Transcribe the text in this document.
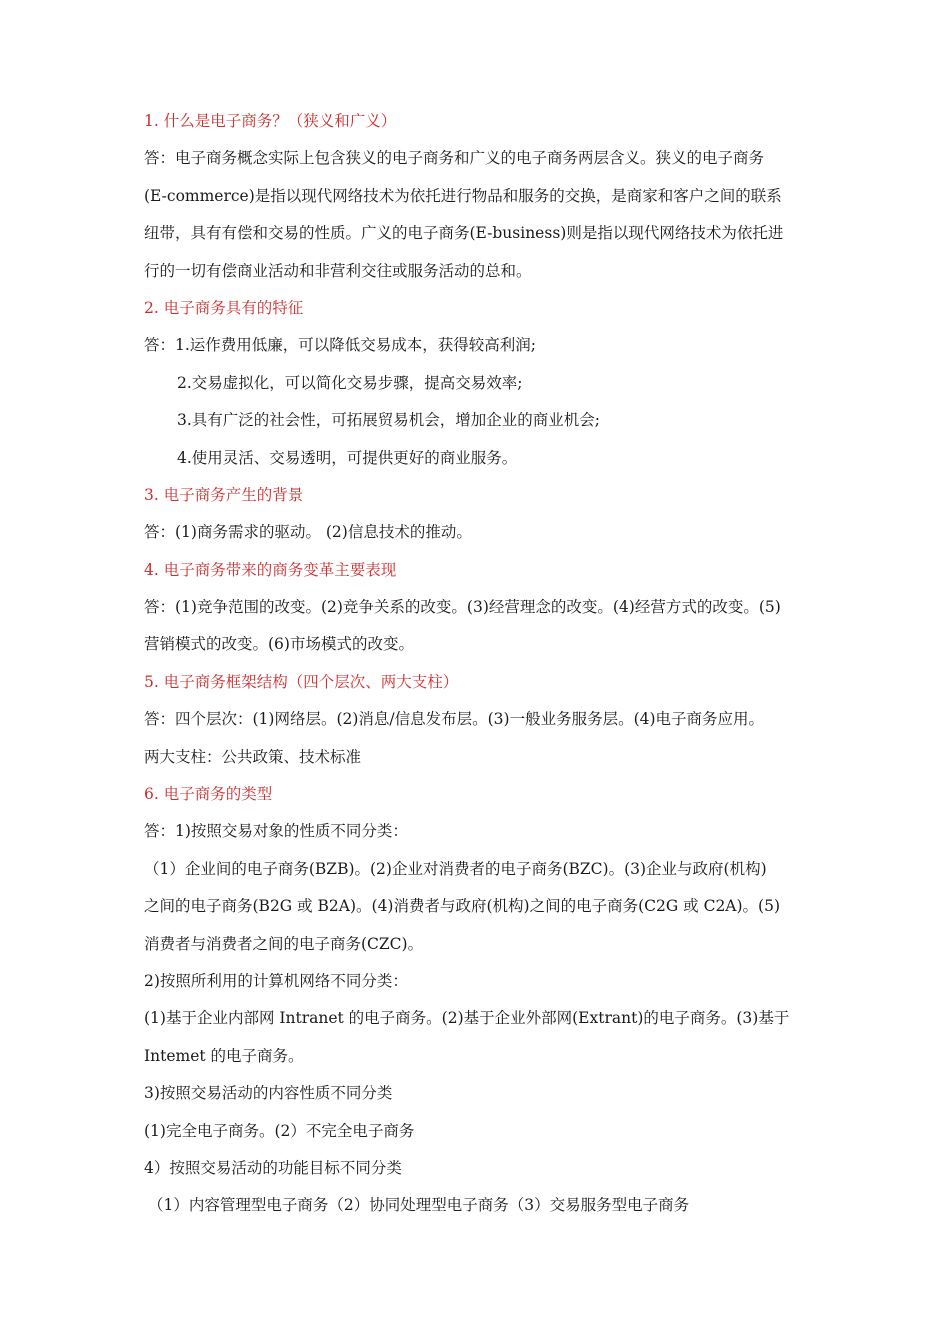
1. 什么是电子商务？（狭义和广义）
答：电子商务概念实际上包含狭义的电子商务和广义的电子商务两层含义。狭义的电子商务
(E-commerce)是指以现代网络技术为依托进行物品和服务的交换，是商家和客户之间的联系
纽带，具有有偿和交易的性质。广义的电子商务(E-business)则是指以现代网络技术为依托进
行的一切有偿商业活动和非营利交往或服务活动的总和。
2. 电子商务具有的特征
答：1.运作费用低廉，可以降低交易成本，获得较高利润;
2.交易虚拟化，可以简化交易步骤，提高交易效率;
3.具有广泛的社会性，可拓展贸易机会，增加企业的商业机会;
4.使用灵活、交易透明，可提供更好的商业服务。
3. 电子商务产生的背景
答：(1)商务需求的驱动。 (2)信息技术的推动。
4. 电子商务带来的商务变革主要表现
答：(1)竞争范围的改变。(2)竞争关系的改变。(3)经营理念的改变。(4)经营方式的改变。(5)
营销模式的改变。(6)市场模式的改变。
5. 电子商务框架结构（四个层次、两大支柱）
答：四个层次：(1)网络层。(2)消息/信息发布层。(3)一般业务服务层。(4)电子商务应用。
两大支柱：公共政策、技术标准
6. 电子商务的类型
答：1)按照交易对象的性质不同分类：
（1）企业间的电子商务(BZB)。(2)企业对消费者的电子商务(BZC)。(3)企业与政府(机构)
之间的电子商务(B2G 或 B2A)。(4)消费者与政府(机构)之间的电子商务(C2G 或 C2A)。(5)
消费者与消费者之间的电子商务(CZC)。
2)按照所利用的计算机网络不同分类：
(1)基于企业内部网 Intranet 的电子商务。(2)基于企业外部网(Extrant)的电子商务。(3)基于
Intemet 的电子商务。
3)按照交易活动的内容性质不同分类
(1)完全电子商务。(2）不完全电子商务
4）按照交易活动的功能目标不同分类
（1）内容管理型电子商务（2）协同处理型电子商务（3）交易服务型电子商务
